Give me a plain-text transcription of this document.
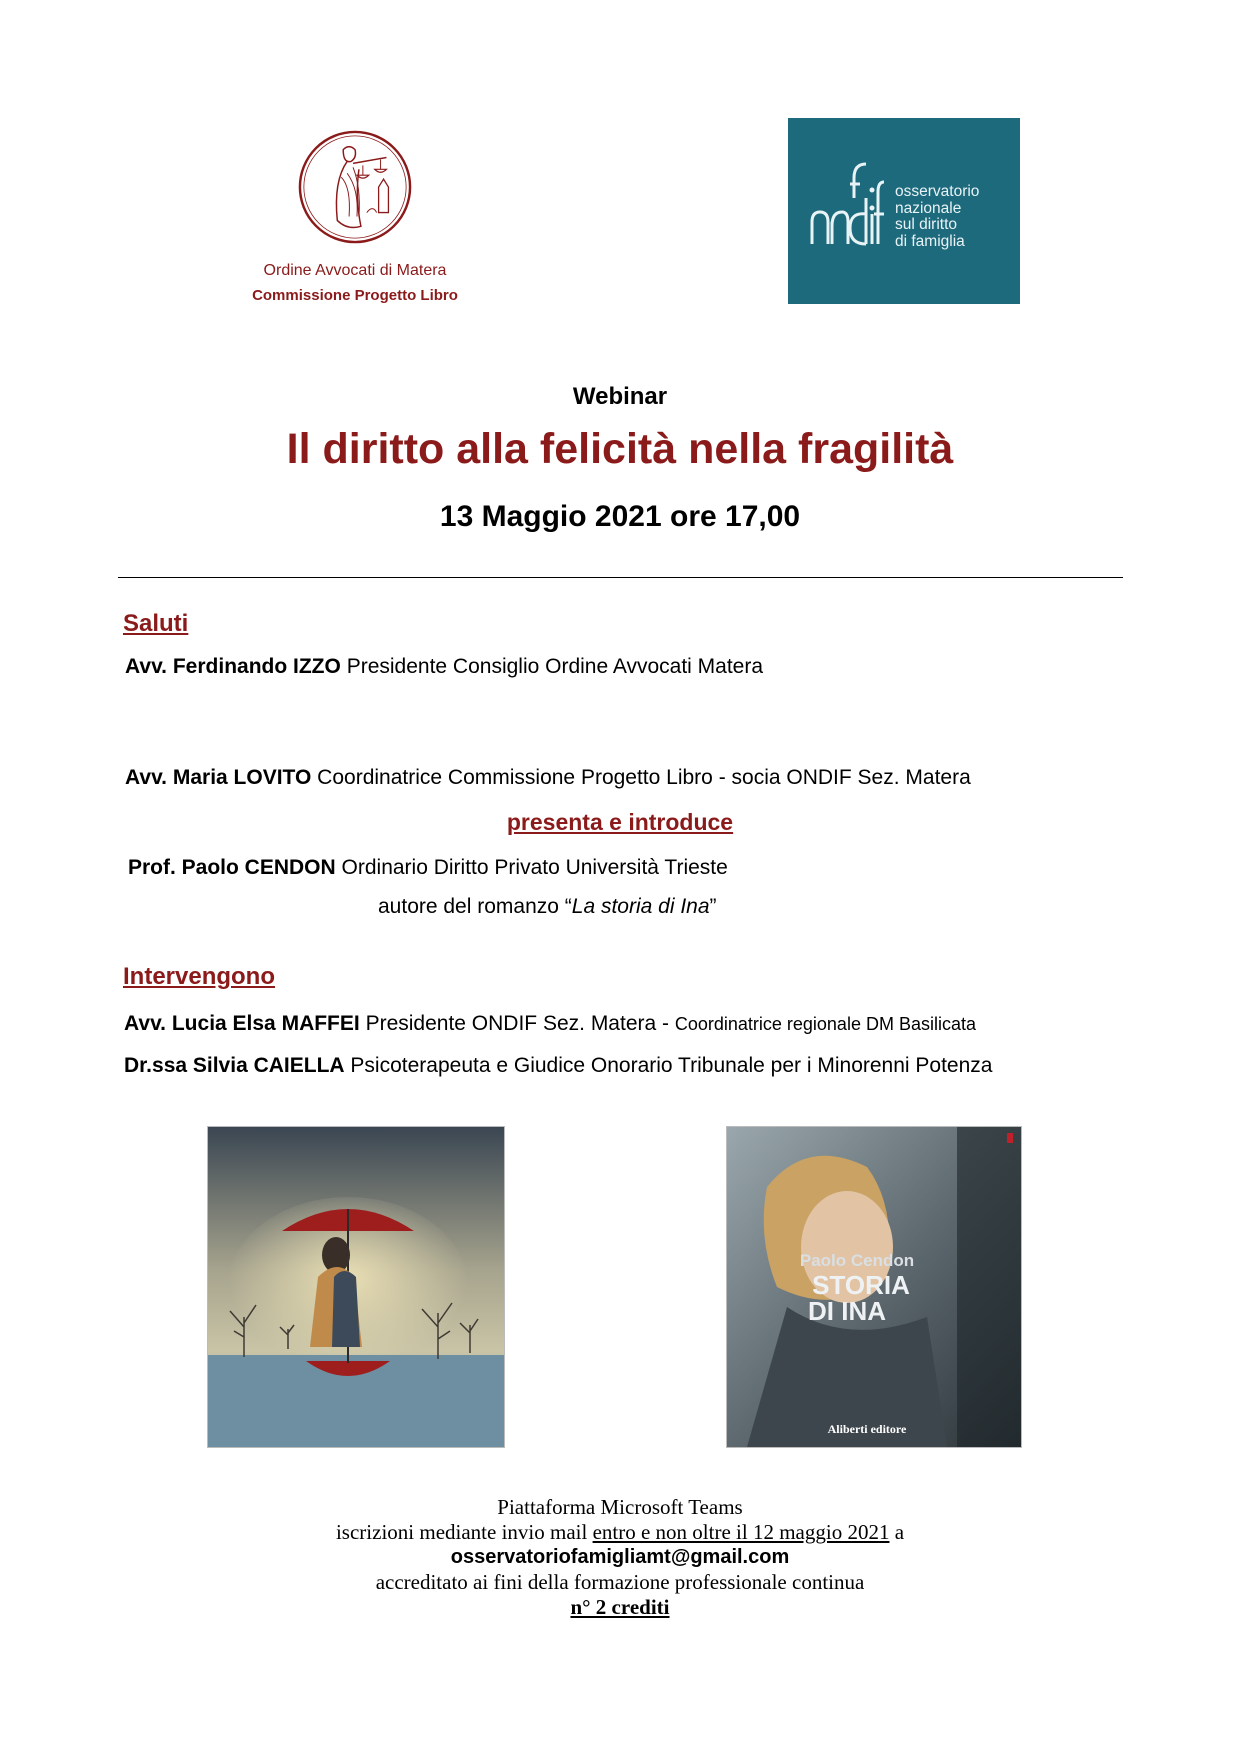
Ordine Avvocati di Matera
Commissione Progetto Libro
osservatorio
nazionale
sul diritto
di famiglia
Webinar
Il diritto alla felicità nella fragilità
13 Maggio 2021 ore 17,00
Saluti
Avv. Ferdinando IZZO Presidente Consiglio Ordine Avvocati Matera
Avv. Maria LOVITO Coordinatrice Commissione Progetto Libro - socia ONDIF Sez. Matera
presenta e introduce
Prof. Paolo CENDON Ordinario Diritto Privato Università Trieste
autore del romanzo “La storia di Ina”
Intervengono
Avv. Lucia Elsa MAFFEI Presidente ONDIF Sez. Matera - Coordinatrice regionale DM Basilicata
Dr.ssa Silvia CAIELLA Psicoterapeuta e Giudice Onorario Tribunale per i Minorenni Potenza
Paolo Cendon
STORIA
DI INA
Aliberti editore
Piattaforma Microsoft Teams
iscrizioni mediante invio mail entro e non oltre il 12 maggio 2021 a
osservatoriofamigliamt@gmail.com
accreditato ai fini della formazione professionale continua
n° 2 crediti
